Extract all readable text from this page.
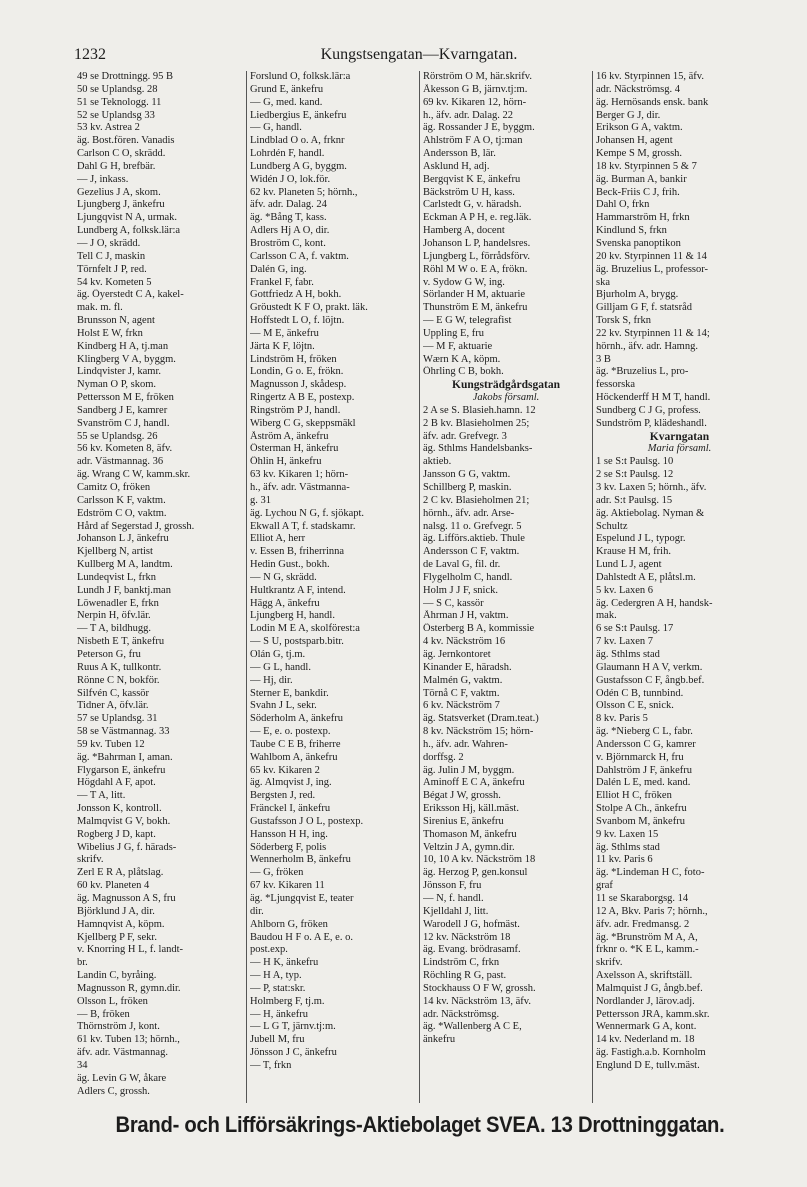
1232	Kungstsengatan—Kvarngatan.
49 se Drottningg. 95 B
50 se Uplandsg. 28
51 se Teknologg. 11
52 se Uplandsg 33
53 kv. Astrea 2
äg. Bost.fören. Vanadis
Carlson C O, skrädd.
Dahl G H, brefbär.
— J, inkass.
Gezelius J A, skom.
Ljungberg J, änkefru
Ljungqvist N A, urmak.
Lundberg A, folksk.lär:a
— J O, skrädd.
Tell C J, maskin
Törnfelt J P, red.
54 kv. Kometen 5
äg. Öyerstedt C A, kakel-
mak. m. fl.
Brunsson N, agent
Holst E W, frkn
Kindberg H A, tj.man
Klingberg V A, byggm.
Lindqvister J, kamr.
Nyman O P, skom.
Pettersson M E, fröken
Sandberg J E, kamrer
Svanström C J, handl.
55 se Uplandsg. 26
56 kv. Kometen 8, äfv.
adr. Västmannag. 36
äg. Wrang C W, kamm.skr.
Camitz O, fröken
Carlsson K F, vaktm.
Edström C O, vaktm.
Hård af Segerstad J, grossh.
Johanson L J, änkefru
Kjellberg N, artist
Kullberg M A, landtm.
Lundeqvist L, frkn
Lundh J F, banktj.man
Löwenadler E, frkn
Nerpin H, öfv.lär.
— T A, bildhugg.
Nisbeth E T, änkefru
Peterson G, fru
Ruus A K, tullkontr.
Rönne C N, bokför.
Silfvén C, kassör
Tidner A, öfv.lär.
57 se Uplandsg. 31
58 se Västmannag. 33
59 kv. Tuben 12
äg. *Bahrman I, aman.
Flygarson E, änkefru
Högdahl A F, apot.
— T A, litt.
Jonsson K, kontroll.
Malmqvist G V, bokh.
Rogberg J D, kapt.
Wibelius J G, f. härads-
skrifv.
Zerl E R A, plåtslag.
60 kv. Planeten 4
äg. Magnusson A S, fru
Björklund J A, dir.
Hamnqvist A, köpm.
Kjellberg P F, sekr.
v. Knorring H L, f. landt-
br.
Landin C, byråing.
Magnusson R, gymn.dir.
Olsson L, fröken
— B, fröken
Thörnström J, kont.
61 kv. Tuben 13; hörnh.,
äfv. adr. Västmannag.
34
äg. Levin G W, åkare
Adlers C, grossh.
Forslund O, folksk.lär:a
Grund E, änkefru
— G, med. kand.
Liedbergius E, änkefru
— G, handl.
Lindblad O o. A, frknr
Lohrdén F, handl.
Lundberg A G, byggm.
Widén J O, lok.för.
62 kv. Planeten 5; hörnh.,
äfv. adr. Dalag. 24
äg. *Bång T, kass.
Adlers Hj A O, dir.
Broström C, kont.
Carlsson C A, f. vaktm.
Dalén G, ing.
Frankel F, fabr.
Gottfriedz A H, bokh.
Gröustedt K F O, prakt. läk.
Hoffstedt L O, f. löjtn.
— M E, änkefru
Järta K F, löjtn.
Lindström H, fröken
Londin, G o. E, frökn.
Magnusson J, skådesp.
Ringertz A B E, postexp.
Ringström P J, handl.
Wiberg C G, skeppsmäkl
Åström A, änkefru
Österman H, änkefru
Öhlin H, änkefru
63 kv. Kikaren 1; hörn-
h., äfv. adr. Västmanna-
g. 31
äg. Lychou N G, f. sjökapt.
Ekwall A T, f. stadskamr.
Elliot A, herr
v. Essen B, friherrinna
Hedin Gust., bokh.
— N G, skrädd.
Hultkrantz A F, intend.
Hägg A, änkefru
Ljungberg H, handl.
Lodin M E A, skolförest:a
— S U, postsparb.bitr.
Olán G, tj.m.
— G L, handl.
— Hj, dir.
Sterner E, bankdir.
Svahn J L, sekr.
Söderholm A, änkefru
— E, e. o. postexp.
Taube C E B, friherre
Wahlbom A, änkefru
65 kv. Kikaren 2
äg. Almqvist J, ing.
Bergsten J, red.
Fränckel I, änkefru
Gustafsson J O L, postexp.
Hansson H H, ing.
Söderberg F, polis
Wennerholm B, änkefru
— G, fröken
67 kv. Kikaren 11
äg. *Ljungqvist E, teater
dir.
Ahlborn G, fröken
Baudou H F o. A E, e. o.
post.exp.
— H K, änkefru
— H A, typ.
— P, stat:skr.
Holmberg F, tj.m.
— H, änkefru
— L G T, järnv.tj:m.
Jubell M, fru
Jönsson J C, änkefru
— T, frkn
Rörström O M, här.skrifv.
Åkesson G B, järnv.tj:m.
69 kv. Kikaren 12, hörn-
h., äfv. adr. Dalag. 22
äg. Rossander J E, byggm.
Ahlström F A O, tj:man
Andersson B, lär.
Asklund H, adj.
Bergqvist K E, änkefru
Bäckström U H, kass.
Carlstedt G, v. häradsh.
Eckman A P H, e. reg.läk.
Hamberg A, docent
Johanson L P, handelsres.
Ljungberg L, förrådsförv.
Röhl M W o. E A, frökn.
v. Sydow G W, ing.
Sörlander H M, aktuarie
Thunström E M, änkefru
— E G W, telegrafist
Uppling E, fru
— M F, aktuarie
Wærn K A, köpm.
Öhrling C B, bokh.
Kungsträdgårdsgatan
Jakobs församl.
2 A se S. Blasieh.hamn. 12
2 B kv. Blasieholmen 25;
äfv. adr. Grefvegr. 3
äg. Sthlms Handelsbanks-
aktieb.
Jansson G G, vaktm.
Schillberg P, maskin.
2 C kv. Blasieholmen 21;
hörnh., äfv. adr. Arse-
nalsg. 11 o. Grefvegr. 5
äg. Lifförs.aktieb. Thule
Andersson C F, vaktm.
de Laval G, fil. dr.
Flygelholm C, handl.
Holm J J F, snick.
— S C, kassör
Åhrman J H, vaktm.
Österberg B A, kommissie
4 kv. Näckström 16
äg. Jernkontoret
Kinander E, häradsh.
Malmén G, vaktm.
Törnå C F, vaktm.
6 kv. Näckström 7
äg. Statsverket (Dram.teat.)
8 kv. Näckström 15; hörn-
h., äfv. adr. Wahren-
dorffsg. 2
äg. Julin J M, byggm.
Aminoff E C A, änkefru
Bégat J W, grossh.
Eriksson Hj, käll.mäst.
Sirenius E, änkefru
Thomason M, änkefru
Veltzin J A, gymn.dir.
10, 10 A kv. Näckström 18
äg. Herzog P, gen.konsul
Jönsson F, fru
— N, f. handl.
Kjelldahl J, litt.
Warodell J G, hofmäst.
12 kv. Näckström 18
äg. Evang. brödrasamf.
Lindström C, frkn
Röchling R G, past.
Stockhauss O F W, grossh.
14 kv. Näckström 13, äfv.
adr. Näckströmsg.
äg. *Wallenberg A C E,
änkefru
16 kv. Styrpinnen 15, äfv.
adr. Näckströmsg. 4
äg. Hernösands ensk. bank
Berger G J, dir.
Erikson G A, vaktm.
Johansen H, agent
Kempe S M, grossh.
18 kv. Styrpinnen 5 & 7
äg. Burman A, bankir
Beck-Friis C J, frih.
Dahl O, frkn
Hammarström H, frkn
Kindlund S, frkn
Svenska panoptikon
20 kv. Styrpinnen 11 & 14
äg. Bruzelius L, professor-
ska
Bjurholm A, brygg.
Gilljam G F, f. statsråd
Torsk S, frkn
22 kv. Styrpinnen 11 & 14;
hörnh., äfv. adr. Hamng.
3 B
äg. *Bruzelius L, pro-
fessorska
Höckenderff H M T, handl.
Sundberg C J G, profess.
Sundström P, klädeshandl.
Kvarngatan
Maria församl.
1 se S:t Paulsg. 10
2 se S:t Paulsg. 12
3 kv. Laxen 5; hörnh., äfv.
adr. S:t Paulsg. 15
äg. Aktiebolag. Nyman &
Schultz
Espelund J L, typogr.
Krause H M, frih.
Lund L J, agent
Dahlstedt A E, plåtsl.m.
5 kv. Laxen 6
äg. Cedergren A H, handsk-
mak.
6 se S:t Paulsg. 17
7 kv. Laxen 7
äg. Sthlms stad
Glaumann H A V, verkm.
Gustafsson C F, ångb.bef.
Odén C B, tunnbind.
Olsson C E, snick.
8 kv. Paris 5
äg. *Nieberg C L, fabr.
Andersson C G, kamrer
v. Björnmarck H, fru
Dahlström J F, änkefru
Dalén L E, med. kand.
Elliot H C, fröken
Stolpe A Ch., änkefru
Svanbom M, änkefru
9 kv. Laxen 15
äg. Sthlms stad
11 kv. Paris 6
äg. *Lindeman H C, foto-
graf
11 se Skaraborgsg. 14
12 A, Bkv. Paris 7; hörnh.,
äfv. adr. Fredmansg. 2
äg. *Brunström M A, A,
frknr o. *K E L, kamm.-
skrifv.
Axelsson A, skriftställ.
Malmquist J G, ångb.bef.
Nordlander J, lärov.adj.
Pettersson JRA, kamm.skr.
Wennermark G A, kont.
14 kv. Nederland m. 18
äg. Fastigh.a.b. Kornholm
Englund D E, tullv.mäst.
Brand- och Lifförsäkrings-Aktiebolaget SVEA. 13 Drottninggatan.
